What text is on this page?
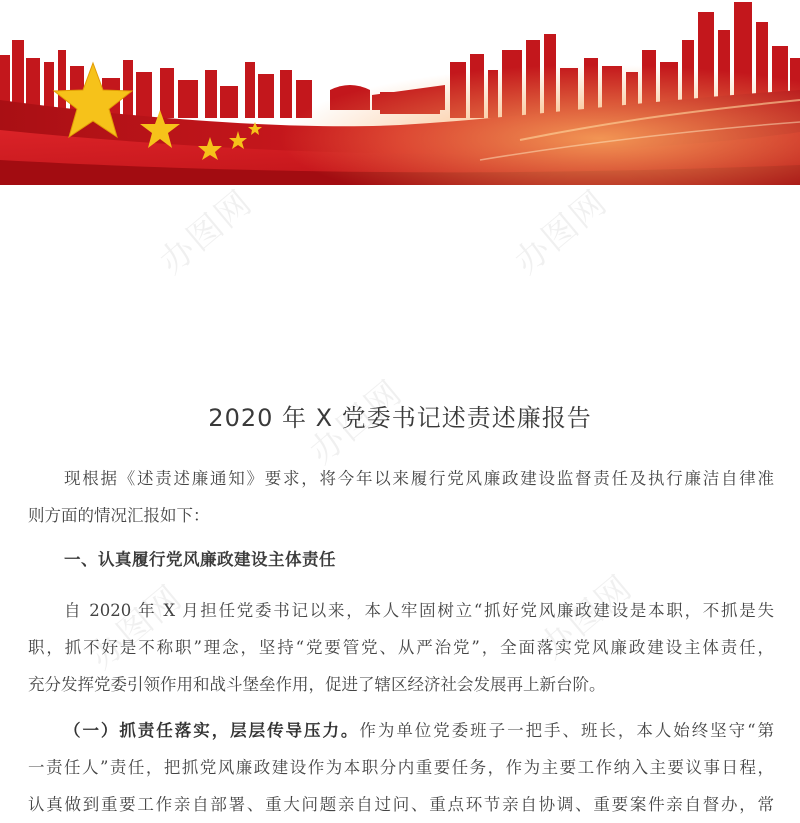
办图网	办图网
办图网
办图网	办图网
2020 年 X 党委书记述责述廉报告
现根据《述责述廉通知》要求，将今年以来履行党风廉政建设监督责任及执行廉洁自律准
则方面的情况汇报如下：
一、认真履行党风廉政建设主体责任
自 2020 年 X 月担任党委书记以来，本人牢固树立“抓好党风廉政建设是本职，不抓是失
职，抓不好是不称职”理念，坚持“党要管党、从严治党”，全面落实党风廉政建设主体责任，
充分发挥党委引领作用和战斗堡垒作用，促进了辖区经济社会发展再上新台阶。
（一）抓责任落实，层层传导压力。作为单位党委班子一把手、班长，本人始终坚守“第
一责任人”责任，把抓党风廉政建设作为本职分内重要任务，作为主要工作纳入主要议事日程，
认真做到重要工作亲自部署、重大问题亲自过问、重点环节亲自协调、重要案件亲自督办，常
